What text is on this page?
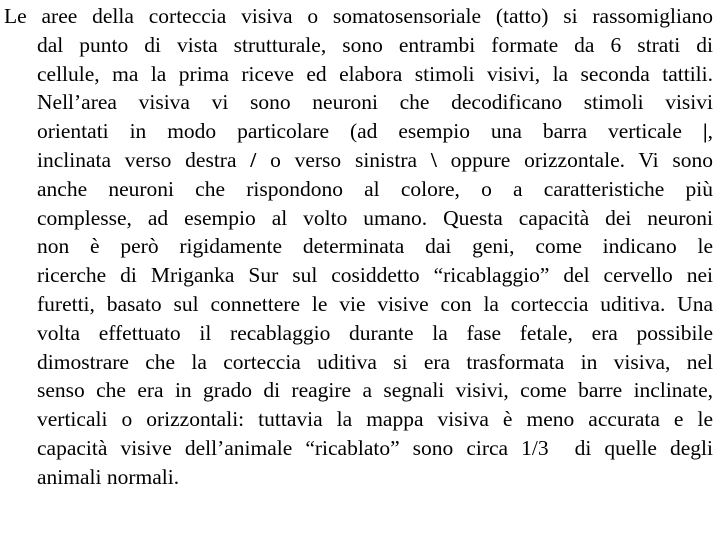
Le aree della corteccia visiva o somatosensoriale (tatto) si rassomigliano
dal punto di vista strutturale, sono entrambi formate da 6 strati di
cellule, ma la prima riceve ed elabora stimoli visivi, la seconda tattili.
Nell’area visiva vi sono neuroni che decodificano stimoli visivi
orientati in modo particolare (ad esempio una barra verticale |,
inclinata verso destra / o verso sinistra \ oppure orizzontale. Vi sono
anche neuroni che rispondono al colore, o a caratteristiche più
complesse, ad esempio al volto umano. Questa capacità dei neuroni
non è però rigidamente determinata dai geni, come indicano le
ricerche di Mriganka Sur sul cosiddetto “ricablaggio” del cervello nei
furetti, basato sul connettere le vie visive con la corteccia uditiva. Una
volta effettuato il recablaggio durante la fase fetale, era possibile
dimostrare che la corteccia uditiva si era trasformata in visiva, nel
senso che era in grado di reagire a segnali visivi, come barre inclinate,
verticali o orizzontali: tuttavia la mappa visiva è meno accurata e le
capacità visive dell’animale “ricablato” sono circa 1/3  di quelle degli
animali normali.
